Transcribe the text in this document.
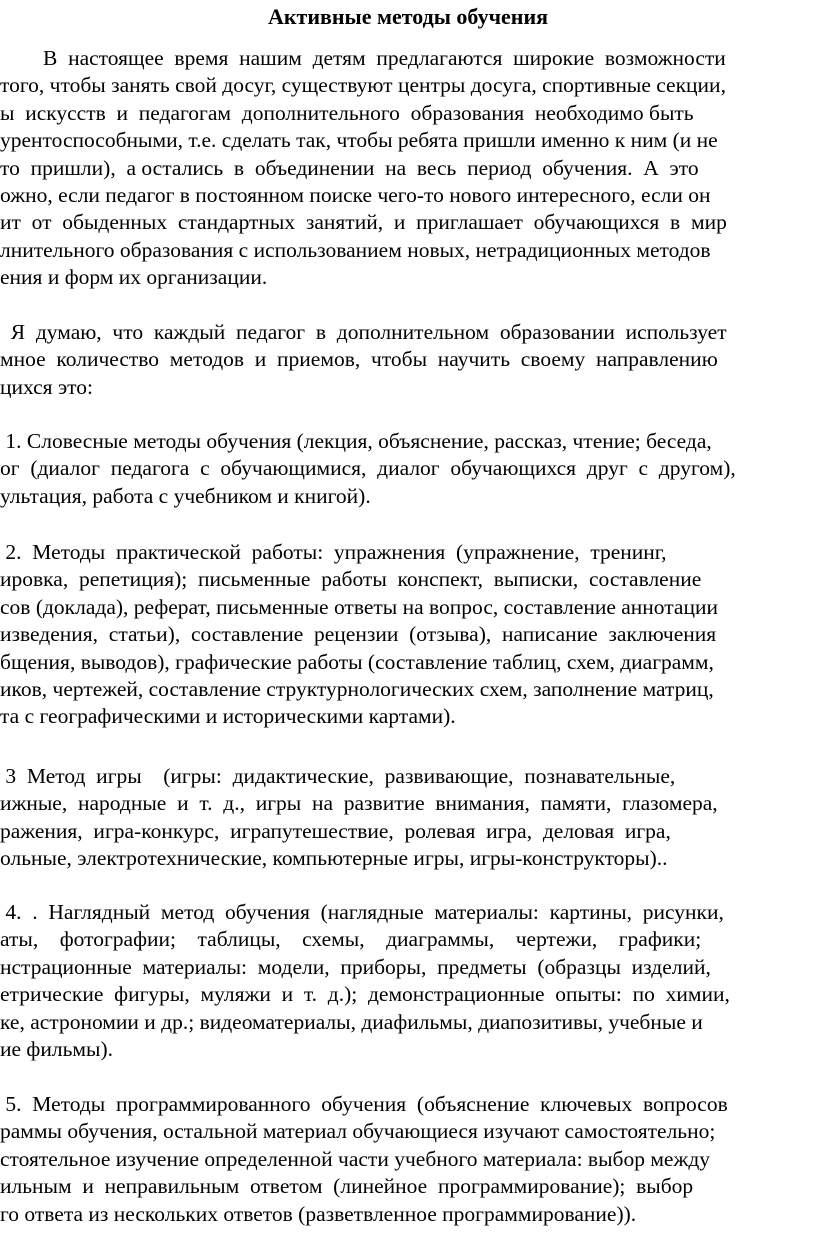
Активные методы обучения

В  настоящее  время  нашим  детям  предлагаются  широкие  возможности

того, чтобы занять свой досуг, существуют центры досуга, спортивные секции,

ы  искусств  и  педагогам  дополнительного  образования  необходимо быть

урентоспособными, т.е. сделать так, чтобы ребята пришли именно к ним (и не

то  пришли),  а остались  в  объединении  на  весь  период  обучения.  А  это

ожно, если педагог в постоянном поиске чего-то нового интересного, если он

ит  от  обыденных  стандартных  занятий,  и  приглашает  обучающихся  в  мир

лнительного образования с использованием новых, нетрадиционных методов

ения и форм их организации.

Я  думаю,  что  каждый  педагог  в  дополнительном  образовании  использует

мное  количество  методов  и  приемов,  чтобы  научить  своему  направлению

цихся это:

1. Словесные методы обучения (лекция, объяснение, рассказ, чтение; беседа,

ог  (диалог  педагога  с  обучающимися,  диалог  обучающихся  друг  с  другом),

ультация, работа с учебником и книгой).

2.  Методы  практической  работы:  упражнения  (упражнение,  тренинг,

ировка,  репетиция);  письменные  работы  конспект,  выписки,  составление

сов (доклада), реферат, письменные ответы на вопрос, составление аннотации

изведения,  статьи),  составление  рецензии  (отзыва),  написание  заключения

бщения, выводов), графические работы (составление таблиц, схем, диаграмм,

иков, чертежей, составление структурнологических схем, заполнение матриц,

та с географическими и историческими картами).

3  Метод  игры    (игры:  дидактические,  развивающие,  познавательные,

ижные,  народные  и  т.  д.,  игры  на  развитие  внимания,  памяти,  глазомера,

ражения,  игра-конкурс,  играпутешествие,  ролевая  игра,  деловая  игра,

ольные, электротехнические, компьютерные игры, игры-конструкторы)..

4.  .  Наглядный  метод  обучения  (наглядные  материалы:  картины,  рисунки,

аты,    фотографии;    таблицы,    схемы,    диаграммы,    чертежи,    графики;

нстрационные  материалы:  модели,  приборы,  предметы  (образцы  изделий,

етрические  фигуры,  муляжи  и  т.  д.);  демонстрационные  опыты:  по  химии,

ке, астрономии и др.; видеоматериалы, диафильмы, диапозитивы, учебные и

ие фильмы).

5.  Методы  программированного  обучения  (объяснение  ключевых  вопросов

раммы обучения, остальной материал обучающиеся изучают самостоятельно;

стоятельное изучение определенной части учебного материала: выбор между

ильным  и  неправильным  ответом  (линейное  программирование);  выбор

го ответа из нескольких ответов (разветвленное программирование)).
